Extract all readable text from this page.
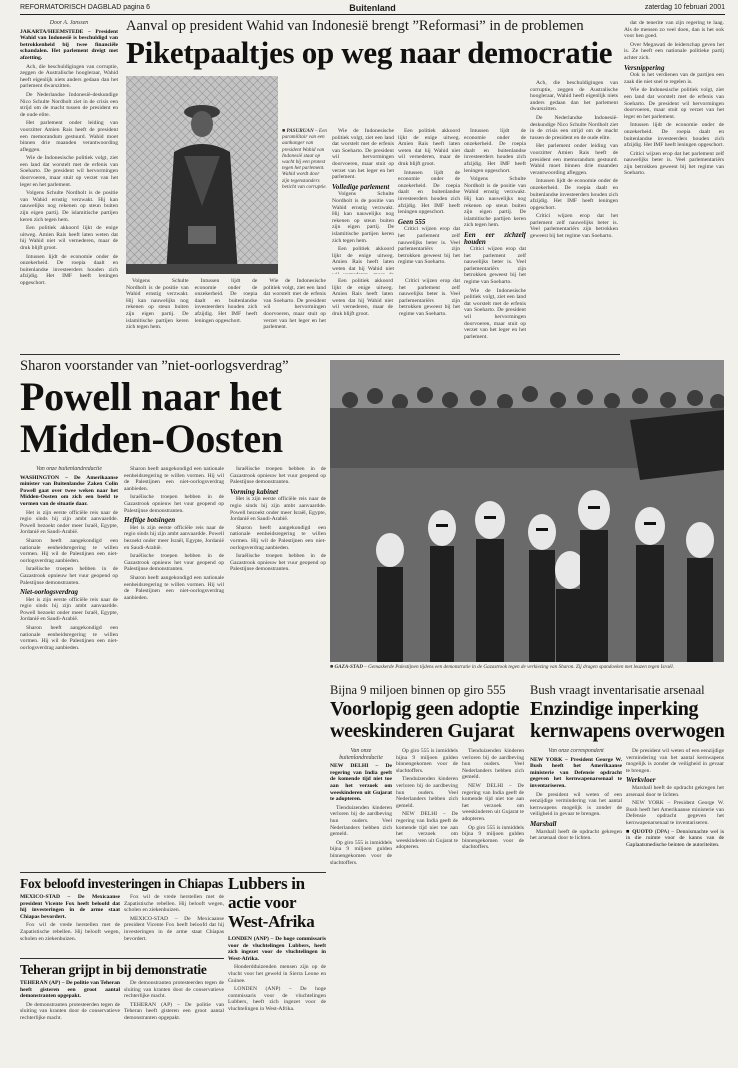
Buitenland
REFORMATORISCH DAGBLAD pagina 6	zaterdag 10 februari 2001

Door A. Janssen

JAKARTA/HEEMSTEDE – President Wahid van Indonesië is beschuldigd van betrokkenheid bij twee financiële schandalen. Het parlement dreigt met afzetting.

Ach, die beschuldigingen van corruptie, zeggen de Australische hoogleraar, Wahid heeft eigenlijk niets anders gedaan dan het parlement dwarszitten.

De Nederlandse Indonesië-deskundige Nico Schulte Nordholt ziet in de crisis een strijd om de macht tussen de president en de oude elite.

Het parlement onder leiding van voorzitter Amien Rais heeft de president een memorandum gestuurd. Wahid moet binnen drie maanden verantwoording afleggen.

Wie de Indonesische politiek volgt, ziet een land dat worstelt met de erfenis van Soeharto. De president wil hervormingen doorvoeren, maar stuit op verzet van het leger en het parlement.

Volgens Schulte Nordholt is de positie van Wahid ernstig verzwakt. Hij kan nauwelijks nog rekenen op steun buiten zijn eigen partij. De islamitische partijen keren zich tegen hem.

Een politiek akkoord lijkt de enige uitweg. Amien Rais heeft laten weten dat hij Wahid niet wil vernederen, maar de druk blijft groot.

Intussen lijdt de economie onder de onzekerheid. De roepia daalt en buitenlandse investeerders houden zich afzijdig. Het IMF heeft leningen opgeschort.

Aanval op president Wahid van Indonesië brengt ”Reformasi” in de problemen
Piketpaaltjes op weg naar democratie
■ PASURUAN – Een paramilitair van een aanhanger van president Wahid van Indonesië staat op wacht bij een protest tegen het parlement. Wahid wordt door zijn tegenstanders beticht van corruptie.

Wie de Indonesische politiek volgt, ziet een land dat worstelt met de erfenis van Soeharto. De president wil hervormingen doorvoeren, maar stuit op verzet van het leger en het parlement.

Volledige parlement

Volgens Schulte Nordholt is de positie van Wahid ernstig verzwakt. Hij kan nauwelijks nog rekenen op steun buiten zijn eigen partij. De islamitische partijen keren zich tegen hem.

Een politiek akkoord lijkt de enige uitweg. Amien Rais heeft laten weten dat hij Wahid niet

Een politiek akkoord lijkt de enige uitweg. Amien Rais heeft laten weten dat hij Wahid niet wil vernederen, maar de druk blijft groot.

Intussen lijdt de economie onder de onzekerheid. De roepia daalt en buitenlandse investeerders houden zich afzijdig. Het IMF heeft leningen opgeschort.

Geen 555

Critici wijzen erop dat het parlement zelf nauwelijks beter is. Veel parlementariërs zijn betrokken geweest bij het regime van Soeharto.

Intussen lijdt de economie onder de onzekerheid. De roepia daalt en buitenlandse investeerders houden zich afzijdig. Het IMF heeft leningen opgeschort.

Volgens Schulte Nordholt is de positie van Wahid ernstig verzwakt. Hij kan nauwelijks nog rekenen op steun buiten zijn eigen partij. De islamitische partijen keren zich tegen hem.

Een eer zichzelf houden

Critici wijzen erop dat het parlement zelf nauwelijks beter is. Veel parlementariërs zijn betrokken geweest bij het regime van Soeharto.

Wie de Indonesische politiek volgt, ziet een land dat worstelt met de erfenis van Soeharto. De president wil hervormingen doorvoeren, maar stuit op verzet van het leger en het parlement.

Ach, die beschuldigingen van corruptie, zeggen de Australische hoogleraar, Wahid heeft eigenlijk niets anders gedaan dan het parlement dwarszitten.

De Nederlandse Indonesië-deskundige Nico Schulte Nordholt ziet in de crisis een strijd om de macht tussen de president en de oude elite.

Het parlement onder leiding van voorzitter Amien Rais heeft de president een memorandum gestuurd. Wahid moet binnen drie maanden verantwoording afleggen.

Intussen lijdt de economie onder de onzekerheid. De roepia daalt en buitenlandse investeerders houden zich afzijdig. Het IMF heeft leningen opgeschort.

Critici wijzen erop dat het parlement zelf nauwelijks beter is. Veel parlementariërs zijn betrokken geweest bij het regime van Soeharto.

Volgens Schulte Nordholt is de positie van Wahid ernstig verzwakt. Hij kan nauwelijks nog rekenen op steun buiten zijn eigen partij. De islamitische partijen keren zich tegen hem.

Intussen lijdt de economie onder de onzekerheid. De roepia daalt en buitenlandse investeerders houden zich afzijdig. Het IMF heeft leningen opgeschort.

Wie de Indonesische politiek volgt, ziet een land dat worstelt met de erfenis van Soeharto. De president wil hervormingen doorvoeren, maar stuit op verzet van het leger en het parlement.

Een politiek akkoord lijkt de enige uitweg. Amien Rais heeft laten weten dat hij Wahid niet wil vernederen, maar de druk blijft groot.

Critici wijzen erop dat het parlement zelf nauwelijks beter is. Veel parlementariërs zijn betrokken geweest bij het regime van Soeharto.

dat de tenerite van zijn regering te laag. Als de mensen zo veel doen, dan is het ook voor hen goed.

Over Megawati de leiderschap geven het is. Ze heeft een nationale politieke partij achter zich.

Versnippering

Ook is het verdienen van de partijen een zaak die niet snel te regelen is.

Wie de Indonesische politiek volgt, ziet een land dat worstelt met de erfenis van Soeharto. De president wil hervormingen doorvoeren, maar stuit op verzet van het leger en het parlement.

Intussen lijdt de economie onder de onzekerheid. De roepia daalt en buitenlandse investeerders houden zich afzijdig. Het IMF heeft leningen opgeschort.

Critici wijzen erop dat het parlement zelf nauwelijks beter is. Veel parlementariërs zijn betrokken geweest bij het regime van Soeharto.

Sharon voorstander van ”niet-oorlogsverdrag”
Powell naar het
Midden-Oosten

Van onze buitenlandredactie

WASHINGTON – De Amerikaanse minister van Buitenlandse Zaken Colin Powell gaat over twee weken naar het Midden-Oosten om zich een beeld te vormen van de situatie daar.

Het is zijn eerste officiële reis naar de regio sinds hij zijn ambt aanvaardde. Powell bezoekt onder meer Israël, Egypte, Jordanië en Saudi-Arabië.

Sharon heeft aangekondigd een nationale eenheidsregering te willen vormen. Hij wil de Palestijnen een niet-oorlogsverdrag aanbieden.

Israëlische troepen hebben in de Gazastrook opnieuw het vuur geopend op Palestijnse demonstranten.

Niet-oorlogsverdrag

Het is zijn eerste officiële reis naar de regio sinds hij zijn ambt aanvaardde. Powell bezoekt onder meer Israël, Egypte, Jordanië en Saudi-Arabië.

Sharon heeft aangekondigd een nationale eenheidsregering te willen vormen. Hij wil de Palestijnen een niet-oorlogsverdrag aanbieden.

Sharon heeft aangekondigd een nationale eenheidsregering te willen vormen. Hij wil de Palestijnen een niet-oorlogsverdrag aanbieden.

Israëlische troepen hebben in de Gazastrook opnieuw het vuur geopend op Palestijnse demonstranten.

Heftige botsingen

Het is zijn eerste officiële reis naar de regio sinds hij zijn ambt aanvaardde. Powell bezoekt onder meer Israël, Egypte, Jordanië en Saudi-Arabië.

Israëlische troepen hebben in de Gazastrook opnieuw het vuur geopend op Palestijnse demonstranten.

Sharon heeft aangekondigd een nationale eenheidsregering te willen vormen. Hij wil de Palestijnen een niet-oorlogsverdrag aanbieden.

Israëlische troepen hebben in de Gazastrook opnieuw het vuur geopend op Palestijnse demonstranten.

Vorming kabinet

Het is zijn eerste officiële reis naar de regio sinds hij zijn ambt aanvaardde. Powell bezoekt onder meer Israël, Egypte, Jordanië en Saudi-Arabië.

Sharon heeft aangekondigd een nationale eenheidsregering te willen vormen. Hij wil de Palestijnen een niet-oorlogsverdrag aanbieden.

Israëlische troepen hebben in de Gazastrook opnieuw het vuur geopend op Palestijnse demonstranten.

■ GAZA-STAD – Gemaskerde Palestijnen tijdens een demonstratie in de Gazastrook tegen de verkiezing van Sharon. Zij dragen spandoeken met leuzen tegen Israël.
Bijna 9 miljoen binnen op giro 555
Voorlopig geen adoptie
weeskinderen Gujarat

Van onze buitenlandredactie

NEW DELHI – De regering van India geeft de komende tijd niet toe aan het verzoek om weeskinderen uit Gujarat te adopteren.

Tienduizenden kinderen verloren bij de aardbeving hun ouders. Veel Nederlanders hebben zich gemeld.

Op giro 555 is inmiddels bijna 9 miljoen gulden binnengekomen voor de slachtoffers.

Op giro 555 is inmiddels bijna 9 miljoen gulden binnengekomen voor de slachtoffers.

Tienduizenden kinderen verloren bij de aardbeving hun ouders. Veel Nederlanders hebben zich gemeld.

NEW DELHI – De regering van India geeft de komende tijd niet toe aan het verzoek om weeskinderen uit Gujarat te adopteren.

Tienduizenden kinderen verloren bij de aardbeving hun ouders. Veel Nederlanders hebben zich gemeld.

NEW DELHI – De regering van India geeft de komende tijd niet toe aan het verzoek om weeskinderen uit Gujarat te adopteren.

Op giro 555 is inmiddels bijna 9 miljoen gulden binnengekomen voor de slachtoffers.

Bush vraagt inventarisatie arsenaal
Enzindige inperking
kernwapens overwogen

Van onze correspondent

NEW YORK – President George W. Bush heeft het Amerikaanse ministerie van Defensie opdracht gegeven het kernwapenarsenaal te inventariseren.

De president wil weten of een eenzijdige vermindering van het aantal kernwapens mogelijk is zonder de veiligheid in gevaar te brengen.

Marshall

Marshall heeft de opdracht gekregen het arsenaal door te lichten.

De president wil weten of een eenzijdige vermindering van het aantal kernwapens mogelijk is zonder de veiligheid in gevaar te brengen.

Werkvloer

Marshall heeft de opdracht gekregen het arsenaal door te lichten.

NEW YORK – President George W. Bush heeft het Amerikaanse ministerie van Defensie opdracht gegeven het kernwapenarsenaal te inventariseren.

■ QUOTO (DPA) – Dennismachte wel is in die ruimte voor de kanns van de Gaplaatsmedische beinten de autoriteiten.

Fox beloofd investeringen in Chiapas

MEXICO-STAD – De Mexicaanse president Vicente Fox heeft beloofd dat hij investeringen in de arme staat Chiapas bevordert.

Fox wil de vrede herstellen met de Zapatistische rebellen. Hij belooft wegen, scholen en ziekenhuizen.

Fox wil de vrede herstellen met de Zapatistische rebellen. Hij belooft wegen, scholen en ziekenhuizen.

MEXICO-STAD – De Mexicaanse president Vicente Fox heeft beloofd dat hij investeringen in de arme staat Chiapas bevordert.

Lubbers in
actie voor
West-Afrika

LONDEN (ANP) – De hoge commissaris voor de vluchtelingen Lubbers, heeft zich ingezet voor de vluchtelingen in West-Afrika.

Honderdduizenden mensen zijn op de vlucht voor het geweld in Sierra Leone en Guinee.

LONDEN (ANP) – De hoge commissaris voor de vluchtelingen Lubbers, heeft zich ingezet voor de vluchtelingen in West-Afrika.

Teheran grijpt in bij demonstratie

TEHERAN (AP) – De politie van Teheran heeft gisteren een groot aantal demonstranten opgepakt.

De demonstranten protesteerden tegen de sluiting van kranten door de conservatieve rechterlijke macht.

De demonstranten protesteerden tegen de sluiting van kranten door de conservatieve rechterlijke macht.

TEHERAN (AP) – De politie van Teheran heeft gisteren een groot aantal demonstranten opgepakt.
